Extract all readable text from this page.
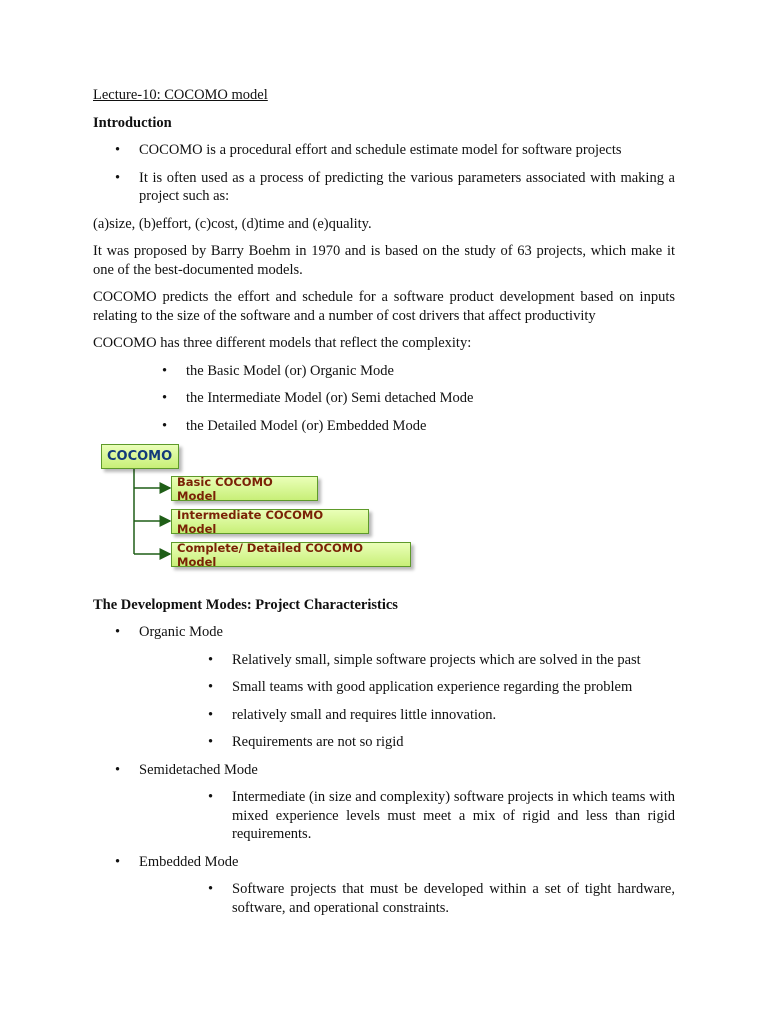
Lecture-10: COCOMO model
Introduction
• COCOMO is a procedural effort and schedule estimate model for software projects
• It is often used as a process of predicting the various parameters associated with making a project such as:

(a)size, (b)effort, (c)cost, (d)time and (e)quality.

It was proposed by Barry Boehm in 1970 and is based on the study of 63 projects, which make it one of the best-documented models.

COCOMO predicts the effort and schedule for a software product development based on inputs relating to the size of the software and a number of cost drivers that affect productivity

COCOMO has three different models that reflect the complexity:

• the Basic Model (or) Organic Mode
• the Intermediate Model (or) Semi detached Mode
• the Detailed Model (or) Embedded Mode
COCOMO
Basic COCOMO Model
Intermediate COCOMO Model
Complete/ Detailed COCOMO Model
The Development Modes: Project Characteristics
• Organic Mode
• Relatively small, simple software projects which are solved in the past
• Small teams with good application experience regarding the problem
• relatively small and requires little innovation.
• Requirements are not so rigid
• Semidetached Mode
• Intermediate (in size and complexity) software projects in which teams with mixed experience levels must meet a mix of rigid and less than rigid requirements.
• Embedded Mode
• Software projects that must be developed within a set of tight hardware, software, and operational constraints.
